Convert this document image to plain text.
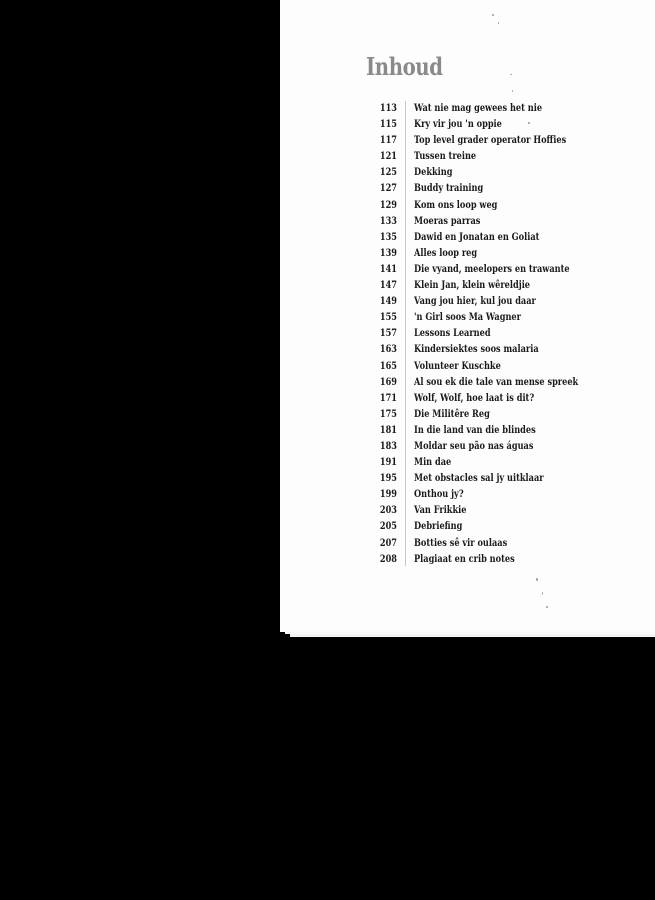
Inhoud
113 Wat nie mag gewees het nie
115 Kry vir jou 'n oppie
117 Top level grader operator Hoffies
121 Tussen treine
125 Dekking
127 Buddy training
129 Kom ons loop weg
133 Moeras parras
135 Dawid en Jonatan en Goliat
139 Alles loop reg
141 Die vyand, meelopers en trawante
147 Klein Jan, klein wêreldjie
149 Vang jou hier, kul jou daar
155 'n Girl soos Ma Wagner
157 Lessons Learned
163 Kindersiektes soos malaria
165 Volunteer Kuschke
169 Al sou ek die tale van mense spreek
171 Wolf, Wolf, hoe laat is dit?
175 Die Militêre Reg
181 In die land van die blindes
183 Moldar seu pão nas águas
191 Min dae
195 Met obstacles sal jy uitklaar
199 Onthou jy?
203 Van Frikkie
205 Debriefing
207 Botties sê vir oulaas
208 Plagiaat en crib notes
